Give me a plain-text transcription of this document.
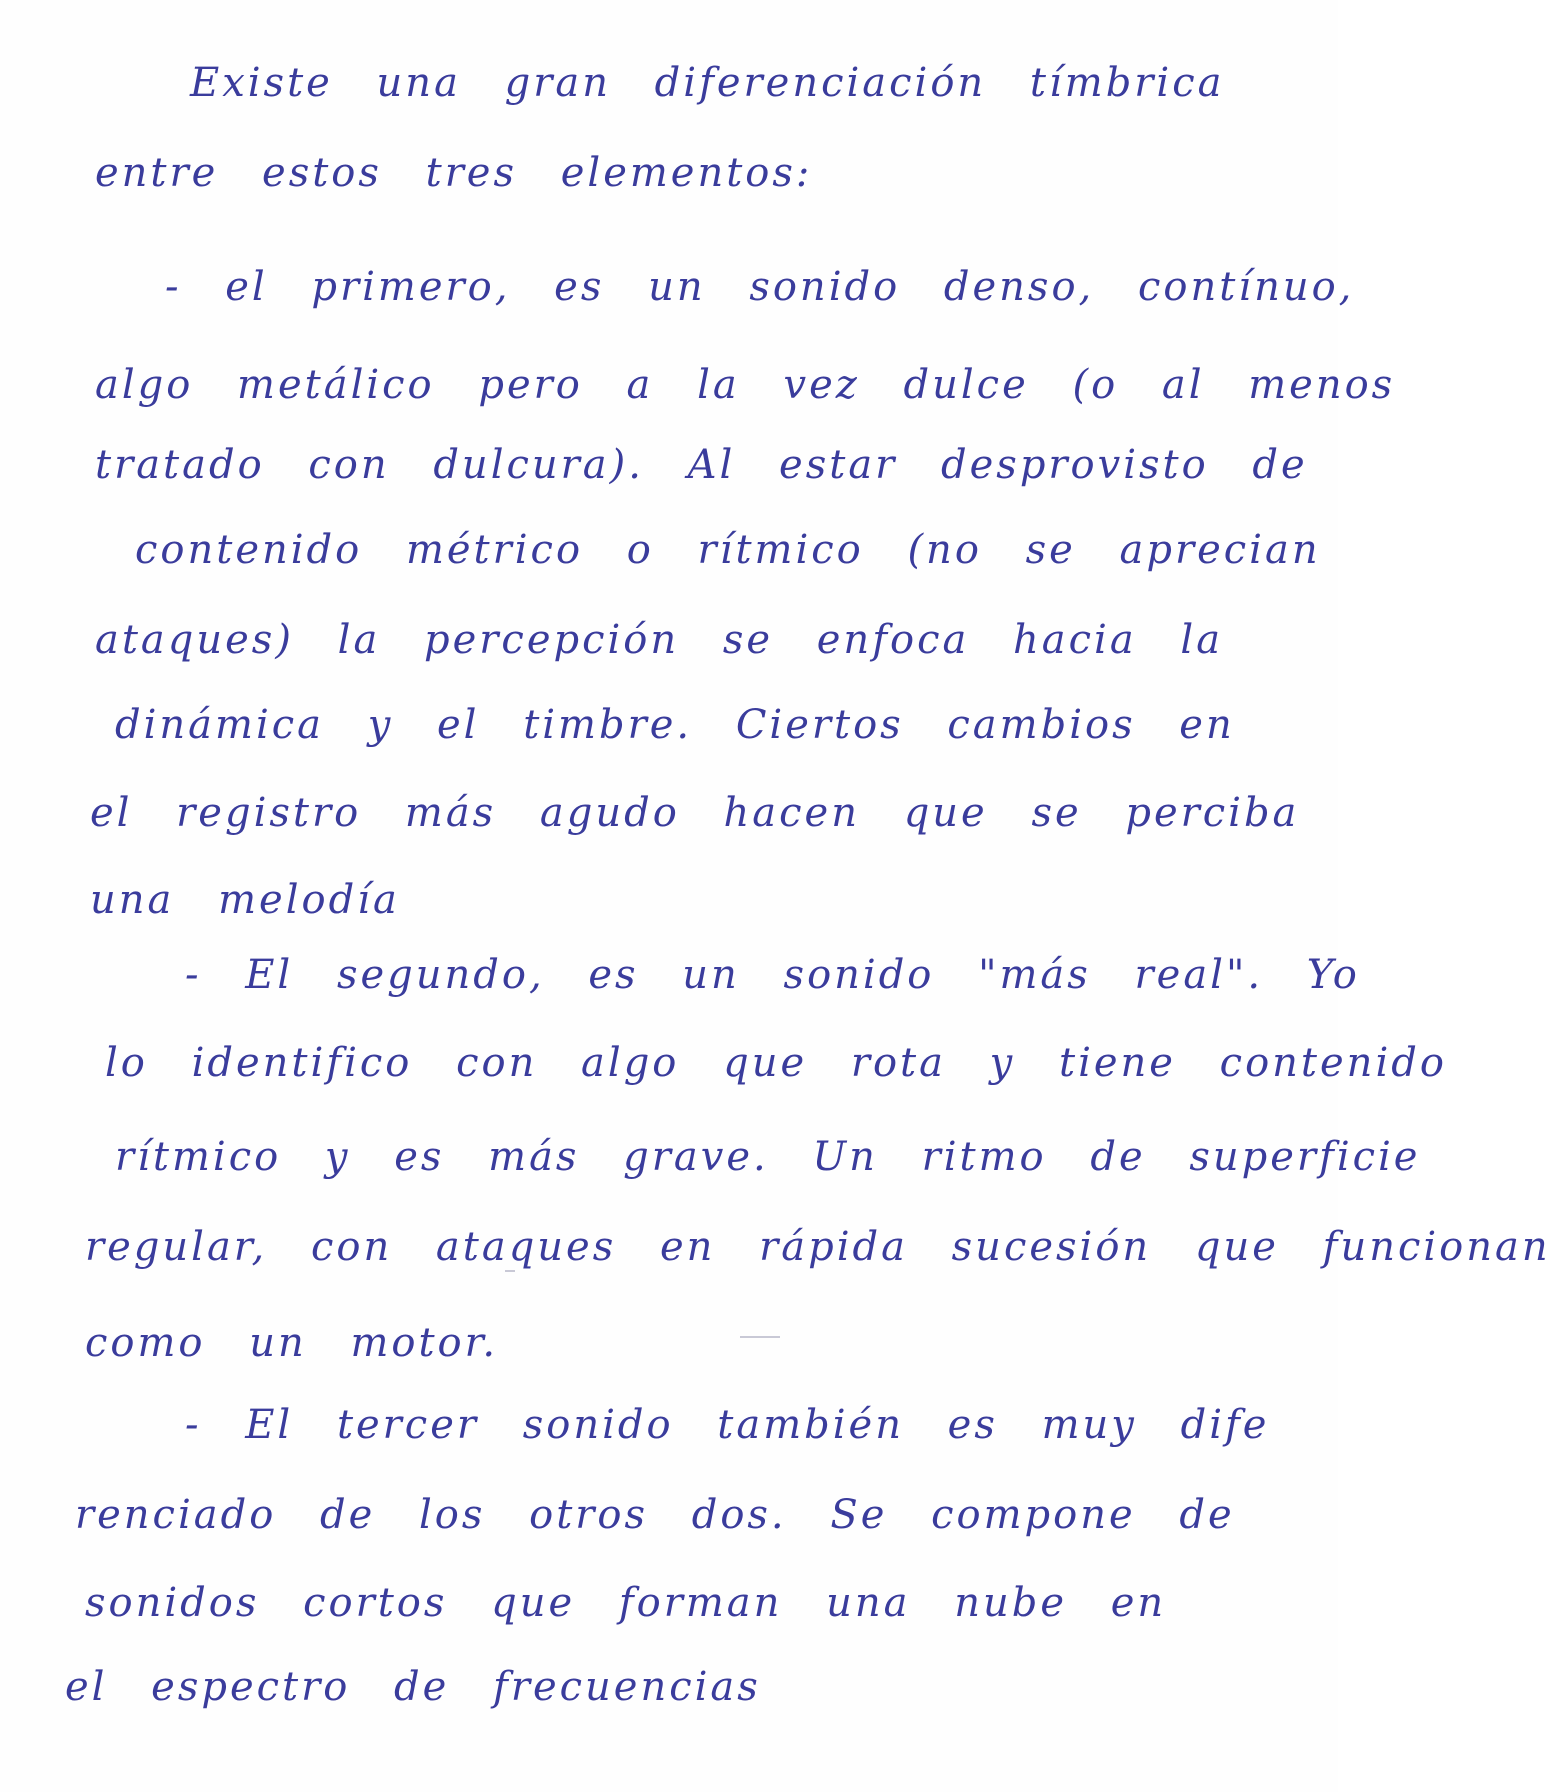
Existe una gran diferenciación tímbrica
entre estos tres elementos:
- el primero, es un sonido denso, contínuo,
algo metálico pero a la vez dulce (o al menos
tratado con dulcura). Al estar desprovisto de
contenido métrico o rítmico (no se aprecian
ataques) la percepción se enfoca hacia la
dinámica y el timbre. Ciertos cambios en
el registro más agudo hacen que se perciba
una melodía
- El segundo, es un sonido "más real". Yo
lo identifico con algo que rota y tiene contenido
rítmico y es más grave. Un ritmo de superficie
regular, con ataques en rápida sucesión que funcionan
como un motor.
- El tercer sonido también es muy dife
renciado de los otros dos. Se compone de
sonidos cortos que forman una nube en
el espectro de frecuencias
